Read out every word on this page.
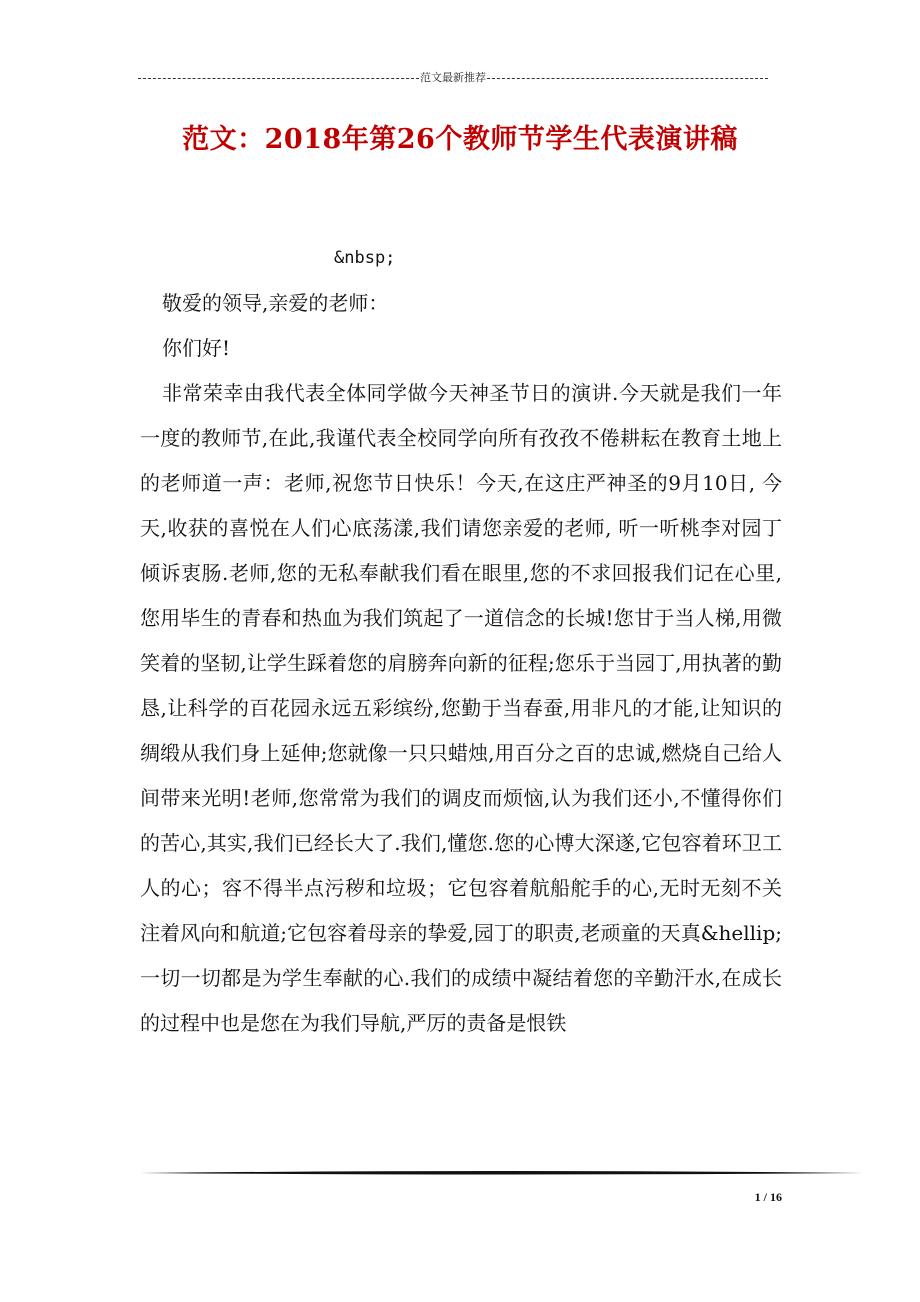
范文最新推荐
范文：2018年第26个教师节学生代表演讲稿

&nbsp;

敬爱的领导,亲爱的老师：

你们好!

非常荣幸由我代表全体同学做今天神圣节日的演讲.今天就是我们一年一度的教师节,在此,我谨代表全校同学向所有孜孜不倦耕耘在教育土地上的老师道一声：老师,祝您节日快乐！今天,在这庄严神圣的9月10日, 今天,收获的喜悦在人们心底荡漾,我们请您亲爱的老师, 听一听桃李对园丁倾诉衷肠.老师,您的无私奉献我们看在眼里,您的不求回报我们记在心里,您用毕生的青春和热血为我们筑起了一道信念的长城!您甘于当人梯,用微笑着的坚韧,让学生踩着您的肩膀奔向新的征程;您乐于当园丁,用执著的勤恳,让科学的百花园永远五彩缤纷,您勤于当春蚕,用非凡的才能,让知识的绸缎从我们身上延伸;您就像一只只蜡烛,用百分之百的忠诚,燃烧自己给人间带来光明!老师,您常常为我们的调皮而烦恼,认为我们还小,不懂得你们的苦心,其实,我们已经长大了.我们,懂您.您的心博大深遂,它包容着环卫工人的心；容不得半点污秽和垃圾；它包容着航船舵手的心,无时无刻不关注着风向和航道;它包容着母亲的挚爱,园丁的职责,老顽童的天真&hellip;一切一切都是为学生奉献的心.我们的成绩中凝结着您的辛勤汗水,在成长的过程中也是您在为我们导航,严厉的责备是恨铁

1 / 16
